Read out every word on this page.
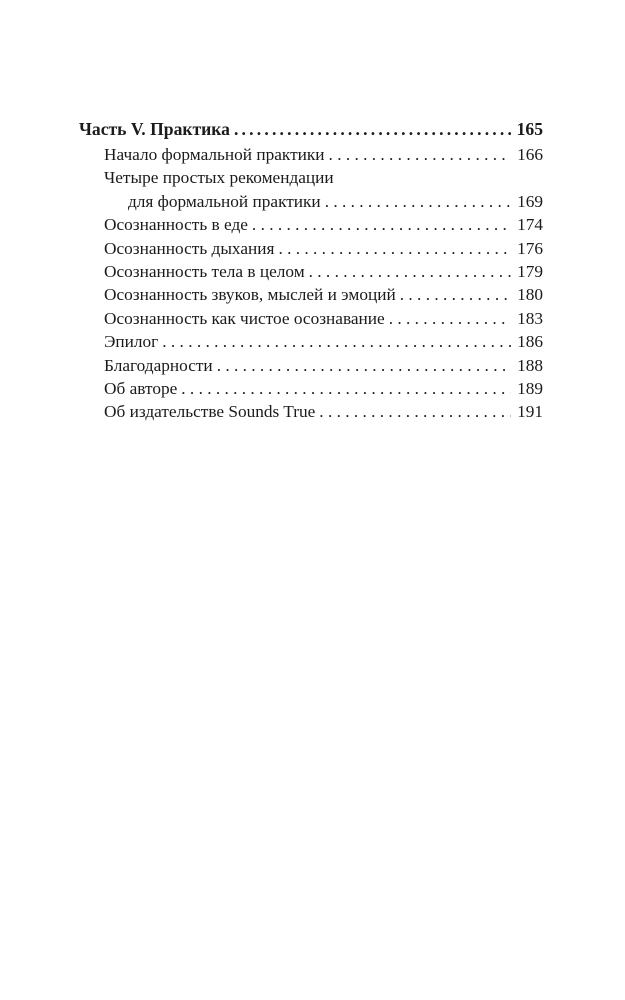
Часть V. Практика .....	165
Начало формальной практики . . .	166
Четыре простых рекомендации
для формальной практики . . .	169
Осознанность в еде . . .	174
Осознанность дыхания . . .	176
Осознанность тела в целом . . .	179
Осознанность звуков, мыслей и эмоций . . .	180
Осознанность как чистое осознавание . . .	183
Эпилог . . .	186
Благодарности . . .	188
Об авторе . . .	189
Об издательстве Sounds True . . .	191
